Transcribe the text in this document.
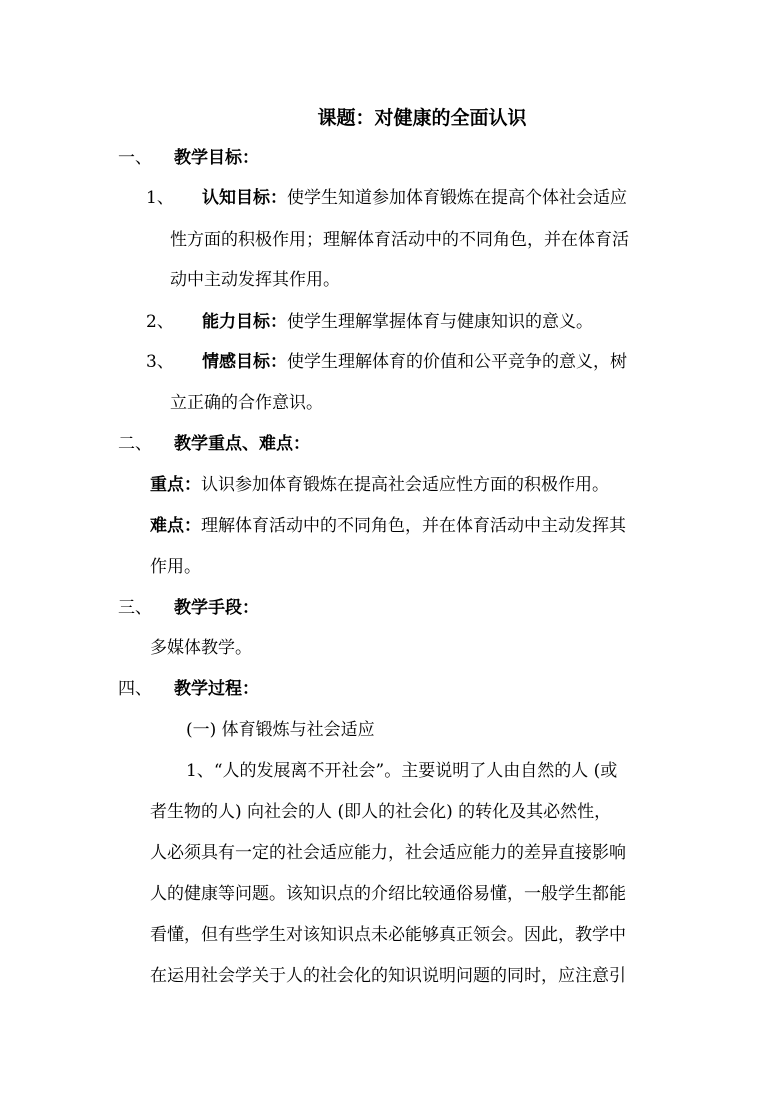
课题：对健康的全面认识
一、 教学目标：
1、 认知目标：使学生知道参加体育锻炼在提高个体社会适应
性方面的积极作用；理解体育活动中的不同角色，并在体育活
动中主动发挥其作用。
2、 能力目标：使学生理解掌握体育与健康知识的意义。
3、 情感目标：使学生理解体育的价值和公平竞争的意义，树
立正确的合作意识。
二、 教学重点、难点：
重点：认识参加体育锻炼在提高社会适应性方面的积极作用。
难点：理解体育活动中的不同角色，并在体育活动中主动发挥其
作用。
三、 教学手段：
多媒体教学。
四、 教学过程：
(一) 体育锻炼与社会适应
1、“人的发展离不开社会”。主要说明了人由自然的人 (或
者生物的人) 向社会的人 (即人的社会化) 的转化及其必然性，
人必须具有一定的社会适应能力，社会适应能力的差异直接影响
人的健康等问题。该知识点的介绍比较通俗易懂，一般学生都能
看懂，但有些学生对该知识点未必能够真正领会。因此，教学中
在运用社会学关于人的社会化的知识说明问题的同时，应注意引
